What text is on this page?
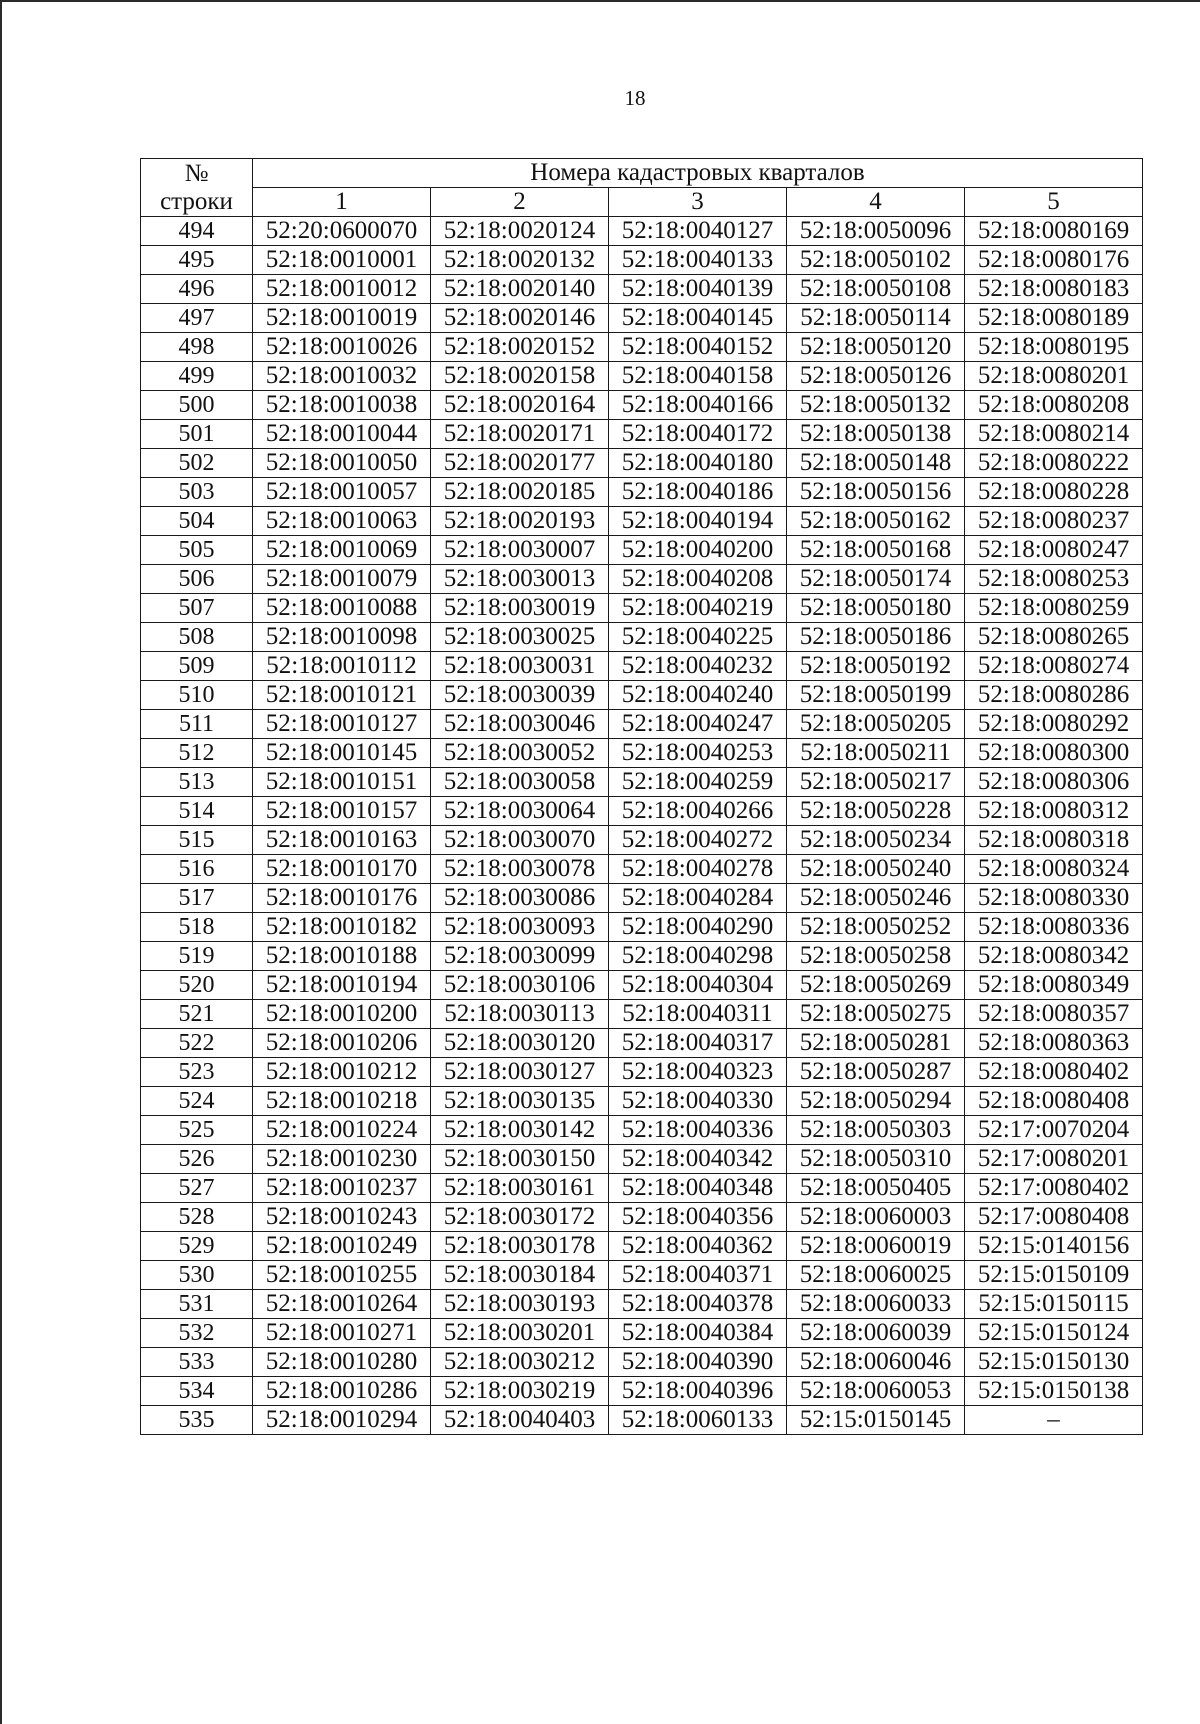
18
№	Номера кадастровых кварталов				
строки	1	2	3	4	5
494	52:20:0600070	52:18:0020124	52:18:0040127	52:18:0050096	52:18:0080169
495	52:18:0010001	52:18:0020132	52:18:0040133	52:18:0050102	52:18:0080176
496	52:18:0010012	52:18:0020140	52:18:0040139	52:18:0050108	52:18:0080183
497	52:18:0010019	52:18:0020146	52:18:0040145	52:18:0050114	52:18:0080189
498	52:18:0010026	52:18:0020152	52:18:0040152	52:18:0050120	52:18:0080195
499	52:18:0010032	52:18:0020158	52:18:0040158	52:18:0050126	52:18:0080201
500	52:18:0010038	52:18:0020164	52:18:0040166	52:18:0050132	52:18:0080208
501	52:18:0010044	52:18:0020171	52:18:0040172	52:18:0050138	52:18:0080214
502	52:18:0010050	52:18:0020177	52:18:0040180	52:18:0050148	52:18:0080222
503	52:18:0010057	52:18:0020185	52:18:0040186	52:18:0050156	52:18:0080228
504	52:18:0010063	52:18:0020193	52:18:0040194	52:18:0050162	52:18:0080237
505	52:18:0010069	52:18:0030007	52:18:0040200	52:18:0050168	52:18:0080247
506	52:18:0010079	52:18:0030013	52:18:0040208	52:18:0050174	52:18:0080253
507	52:18:0010088	52:18:0030019	52:18:0040219	52:18:0050180	52:18:0080259
508	52:18:0010098	52:18:0030025	52:18:0040225	52:18:0050186	52:18:0080265
509	52:18:0010112	52:18:0030031	52:18:0040232	52:18:0050192	52:18:0080274
510	52:18:0010121	52:18:0030039	52:18:0040240	52:18:0050199	52:18:0080286
511	52:18:0010127	52:18:0030046	52:18:0040247	52:18:0050205	52:18:0080292
512	52:18:0010145	52:18:0030052	52:18:0040253	52:18:0050211	52:18:0080300
513	52:18:0010151	52:18:0030058	52:18:0040259	52:18:0050217	52:18:0080306
514	52:18:0010157	52:18:0030064	52:18:0040266	52:18:0050228	52:18:0080312
515	52:18:0010163	52:18:0030070	52:18:0040272	52:18:0050234	52:18:0080318
516	52:18:0010170	52:18:0030078	52:18:0040278	52:18:0050240	52:18:0080324
517	52:18:0010176	52:18:0030086	52:18:0040284	52:18:0050246	52:18:0080330
518	52:18:0010182	52:18:0030093	52:18:0040290	52:18:0050252	52:18:0080336
519	52:18:0010188	52:18:0030099	52:18:0040298	52:18:0050258	52:18:0080342
520	52:18:0010194	52:18:0030106	52:18:0040304	52:18:0050269	52:18:0080349
521	52:18:0010200	52:18:0030113	52:18:0040311	52:18:0050275	52:18:0080357
522	52:18:0010206	52:18:0030120	52:18:0040317	52:18:0050281	52:18:0080363
523	52:18:0010212	52:18:0030127	52:18:0040323	52:18:0050287	52:18:0080402
524	52:18:0010218	52:18:0030135	52:18:0040330	52:18:0050294	52:18:0080408
525	52:18:0010224	52:18:0030142	52:18:0040336	52:18:0050303	52:17:0070204
526	52:18:0010230	52:18:0030150	52:18:0040342	52:18:0050310	52:17:0080201
527	52:18:0010237	52:18:0030161	52:18:0040348	52:18:0050405	52:17:0080402
528	52:18:0010243	52:18:0030172	52:18:0040356	52:18:0060003	52:17:0080408
529	52:18:0010249	52:18:0030178	52:18:0040362	52:18:0060019	52:15:0140156
530	52:18:0010255	52:18:0030184	52:18:0040371	52:18:0060025	52:15:0150109
531	52:18:0010264	52:18:0030193	52:18:0040378	52:18:0060033	52:15:0150115
532	52:18:0010271	52:18:0030201	52:18:0040384	52:18:0060039	52:15:0150124
533	52:18:0010280	52:18:0030212	52:18:0040390	52:18:0060046	52:15:0150130
534	52:18:0010286	52:18:0030219	52:18:0040396	52:18:0060053	52:15:0150138
535	52:18:0010294	52:18:0040403	52:18:0060133	52:15:0150145	–
